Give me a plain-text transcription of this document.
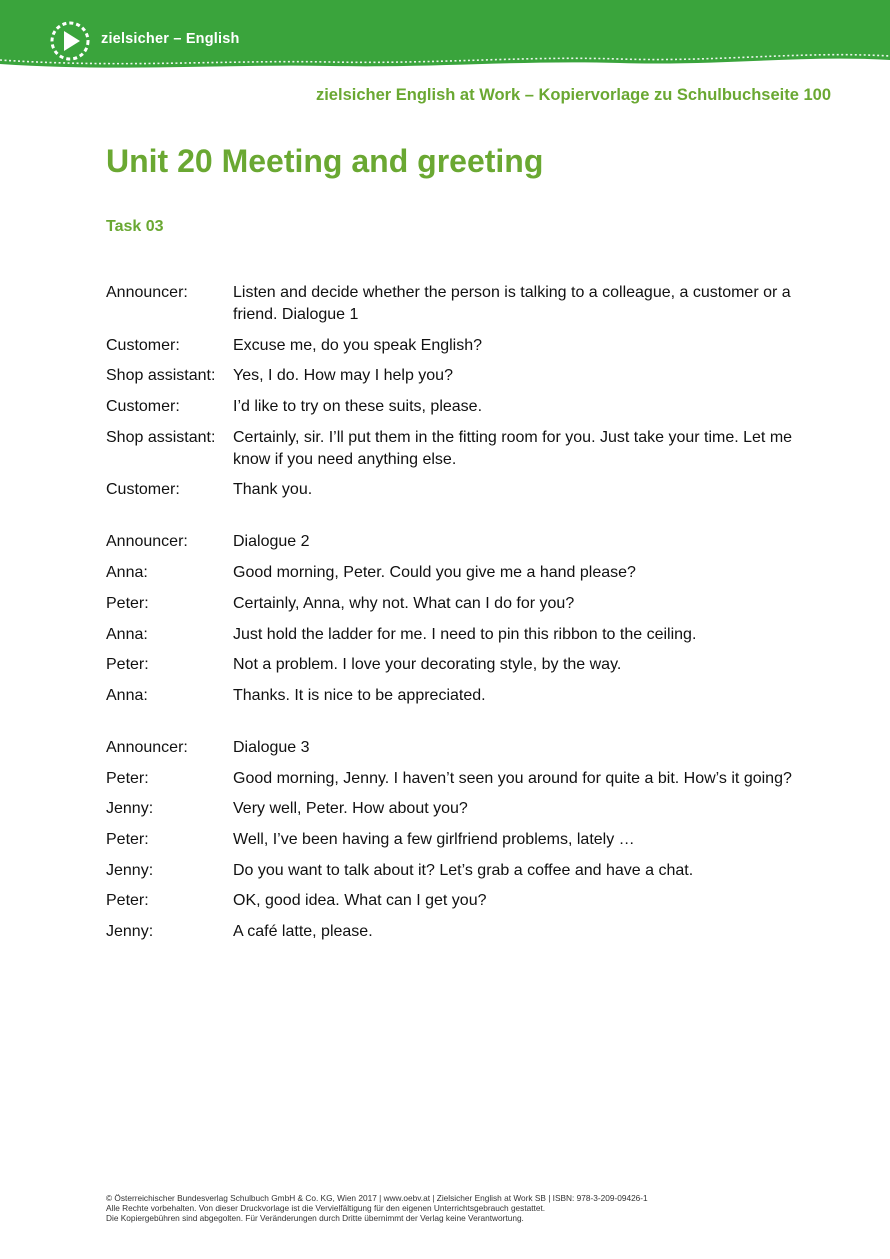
zielsicher – English
zielsicher English at Work – Kopiervorlage zu Schulbuchseite 100
Unit 20 Meeting and greeting
Task 03
Announcer:	Listen and decide whether the person is talking to a colleague, a customer or a friend. Dialogue 1
Customer:	Excuse me, do you speak English?
Shop assistant:	Yes, I do. How may I help you?
Customer:	I’d like to try on these suits, please.
Shop assistant:	Certainly, sir. I’ll put them in the fitting room for you. Just take your time. Let me know if you need anything else.
Customer:	Thank you.
Announcer:	Dialogue 2
Anna:	Good morning, Peter. Could you give me a hand please?
Peter:	Certainly, Anna, why not. What can I do for you?
Anna:	Just hold the ladder for me. I need to pin this ribbon to the ceiling.
Peter:	Not a problem. I love your decorating style, by the way.
Anna:	Thanks. It is nice to be appreciated.
Announcer:	Dialogue 3
Peter:	Good morning, Jenny. I haven’t seen you around for quite a bit. How’s it going?
Jenny:	Very well, Peter. How about you?
Peter:	Well, I’ve been having a few girlfriend problems, lately …
Jenny:	Do you want to talk about it? Let’s grab a coffee and have a chat.
Peter:	OK, good idea. What can I get you?
Jenny:	A café latte, please.
© Österreichischer Bundesverlag Schulbuch GmbH & Co. KG, Wien 2017 | www.oebv.at | Zielsicher English at Work SB | ISBN: 978-3-209-09426-1
Alle Rechte vorbehalten. Von dieser Druckvorlage ist die Vervielfältigung für den eigenen Unterrichtsgebrauch gestattet.
Die Kopiergebühren sind abgegolten. Für Veränderungen durch Dritte übernimmt der Verlag keine Verantwortung.
